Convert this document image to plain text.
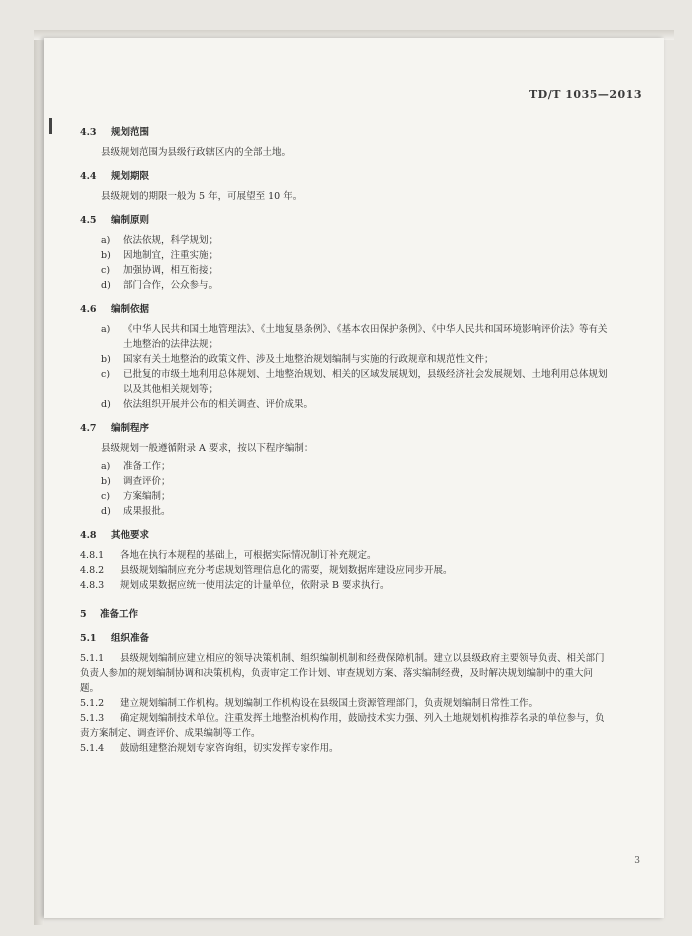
TD/T 1035—2013
4.3 规划范围
县级规划范围为县级行政辖区内的全部土地。
4.4 规划期限
县级规划的期限一般为 5 年，可展望至 10 年。
4.5 编制原则
a)	依法依规，科学规划；
b)	因地制宜，注重实施；
c)	加强协调，相互衔接；
d)	部门合作，公众参与。
4.6 编制依据
a)	《中华人民共和国土地管理法》、《土地复垦条例》、《基本农田保护条例》、《中华人民共和国环境影响评价法》等有关土地整治的法律法规；
b)	国家有关土地整治的政策文件、涉及土地整治规划编制与实施的行政规章和规范性文件；
c)	已批复的市级土地利用总体规划、土地整治规划、相关的区域发展规划，县级经济社会发展规划、土地利用总体规划以及其他相关规划等；
d)	依法组织开展并公布的相关调查、评价成果。
4.7 编制程序
县级规划一般遵循附录 A 要求，按以下程序编制：
a)	准备工作；
b)	调查评价；
c)	方案编制；
d)	成果报批。
4.8 其他要求
4.8.1 各地在执行本规程的基础上，可根据实际情况制订补充规定。
4.8.2 县级规划编制应充分考虑规划管理信息化的需要，规划数据库建设应同步开展。
4.8.3 规划成果数据应统一使用法定的计量单位，依附录 B 要求执行。
5 准备工作
5.1 组织准备
5.1.1 县级规划编制应建立相应的领导决策机制、组织编制机制和经费保障机制。建立以县级政府主要领导负责、相关部门负责人参加的规划编制协调和决策机构，负责审定工作计划、审查规划方案、落实编制经费，及时解决规划编制中的重大问题。
5.1.2 建立规划编制工作机构。规划编制工作机构设在县级国土资源管理部门，负责规划编制日常性工作。
5.1.3 确定规划编制技术单位。注重发挥土地整治机构作用，鼓励技术实力强、列入土地规划机构推荐名录的单位参与，负责方案制定、调查评价、成果编制等工作。
5.1.4 鼓励组建整治规划专家咨询组，切实发挥专家作用。
3
